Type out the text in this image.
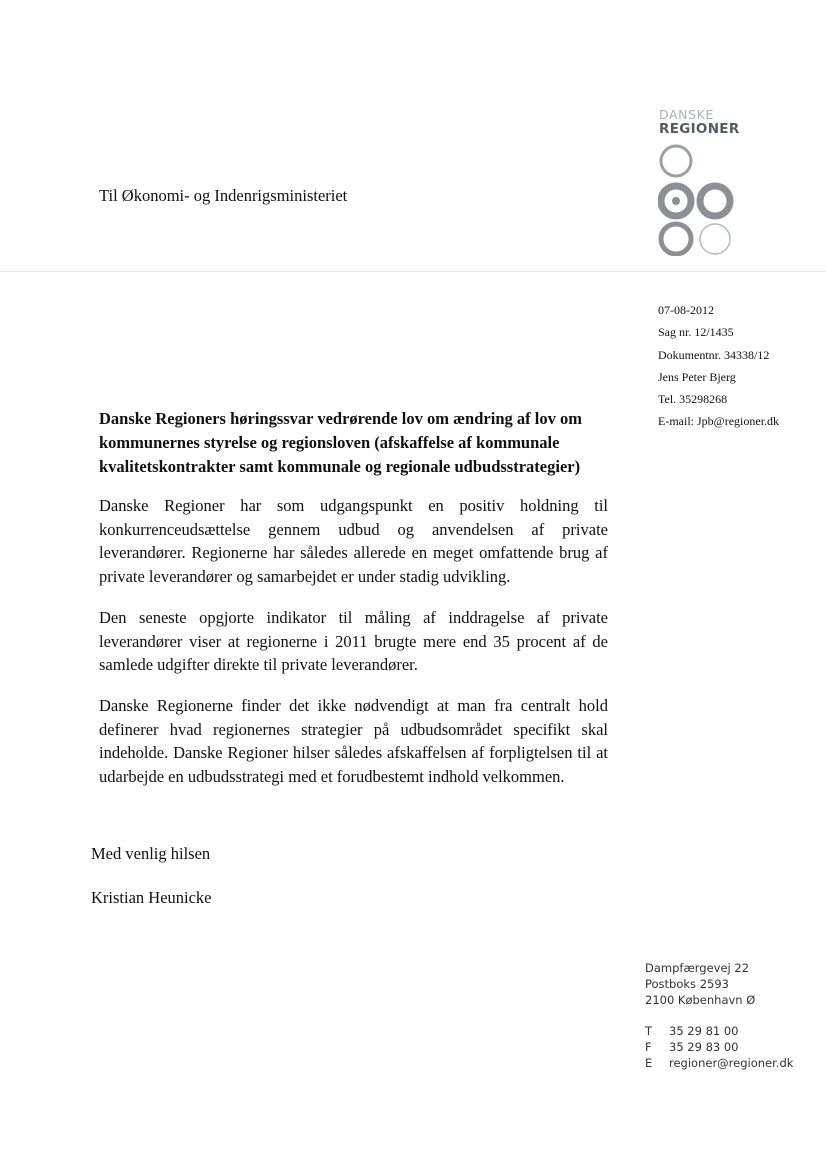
Til Økonomi- og Indenrigsministeriet
DANSKE
REGIONER
07-08-2012
Sag nr. 12/1435
Dokumentnr. 34338/12
Jens Peter Bjerg
Tel. 35298268
E-mail: Jpb@regioner.dk

Danske Regioners høringssvar vedrørende lov om ændring af lov om kommunernes styrelse og regionsloven (afskaffelse af kommunale kvalitetskontrakter samt kommunale og regionale udbudsstrategier)

Danske Regioner har som udgangspunkt en positiv holdning til konkurrenceudsættelse gennem udbud og anvendelsen af private leverandører. Regionerne har således allerede en meget omfattende brug af private leverandører og samarbejdet er under stadig udvikling.

Den seneste opgjorte indikator til måling af inddragelse af private leverandører viser at regionerne i 2011 brugte mere end 35 procent af de samlede udgifter direkte til private leverandører.

Danske Regionerne finder det ikke nødvendigt at man fra centralt hold definerer hvad regionernes strategier på udbudsområdet specifikt skal indeholde. Danske Regioner hilser således afskaffelsen af forpligtelsen til at udarbejde en udbudsstrategi med et forudbestemt indhold velkommen.

Med venlig hilsen
Kristian Heunicke
Dampfærgevej 22
Postboks 2593
2100 København Ø
T	35 29 81 00
F	35 29 83 00
E	regioner@regioner.dk
